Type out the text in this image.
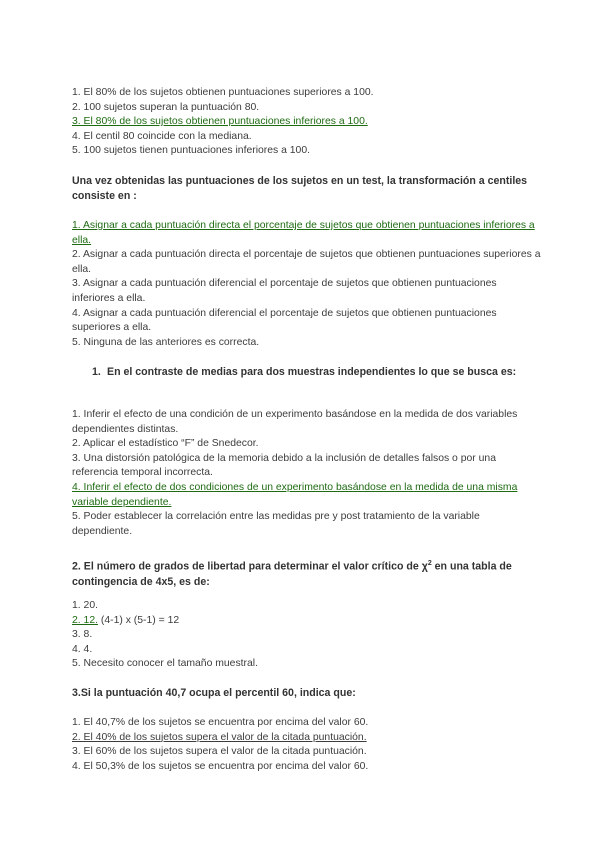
1. El 80% de los sujetos obtienen puntuaciones superiores a 100.
2. 100 sujetos superan la puntuación 80.
3. El 80% de los sujetos obtienen puntuaciones inferiores a 100.
4. El centil 80 coincide con la mediana.
5. 100 sujetos tienen puntuaciones inferiores a 100.
Una vez obtenidas las puntuaciones de los sujetos en un test, la transformación a centiles consiste en :
1. Asignar a cada puntuación directa el porcentaje de sujetos que obtienen puntuaciones inferiores a ella.
2. Asignar a cada puntuación directa el porcentaje de sujetos que obtienen puntuaciones superiores a ella.
3. Asignar a cada puntuación diferencial el porcentaje de sujetos que obtienen puntuaciones inferiores a ella.
4. Asignar a cada puntuación diferencial el porcentaje de sujetos que obtienen puntuaciones superiores a ella.
5. Ninguna de las anteriores es correcta.
1. En el contraste de medias para dos muestras independientes lo que se busca es:
1. Inferir el efecto de una condición de un experimento basándose en la medida de dos variables dependientes distintas.
2. Aplicar el estadístico “F” de Snedecor.
3. Una distorsión patológica de la memoria debido a la inclusión de detalles falsos o por una referencia temporal incorrecta.
4. Inferir el efecto de dos condiciones de un experimento basándose en la medida de una misma variable dependiente.
5. Poder establecer la correlación entre las medidas pre y post tratamiento de la variable dependiente.
2. El número de grados de libertad para determinar el valor crítico de $\chi^2$ en una tabla de contingencia de 4x5, es de:
1. 20.
2. 12. (4-1) x (5-1) = 12
3. 8.
4. 4.
5. Necesito conocer el tamaño muestral.
3.Si la puntuación 40,7 ocupa el percentil 60, indica que:
1. El 40,7% de los sujetos se encuentra por encima del valor 60.
2. El 40% de los sujetos supera el valor de la citada puntuación.
3. El 60% de los sujetos supera el valor de la citada puntuación.
4. El 50,3% de los sujetos se encuentra por encima del valor 60.
